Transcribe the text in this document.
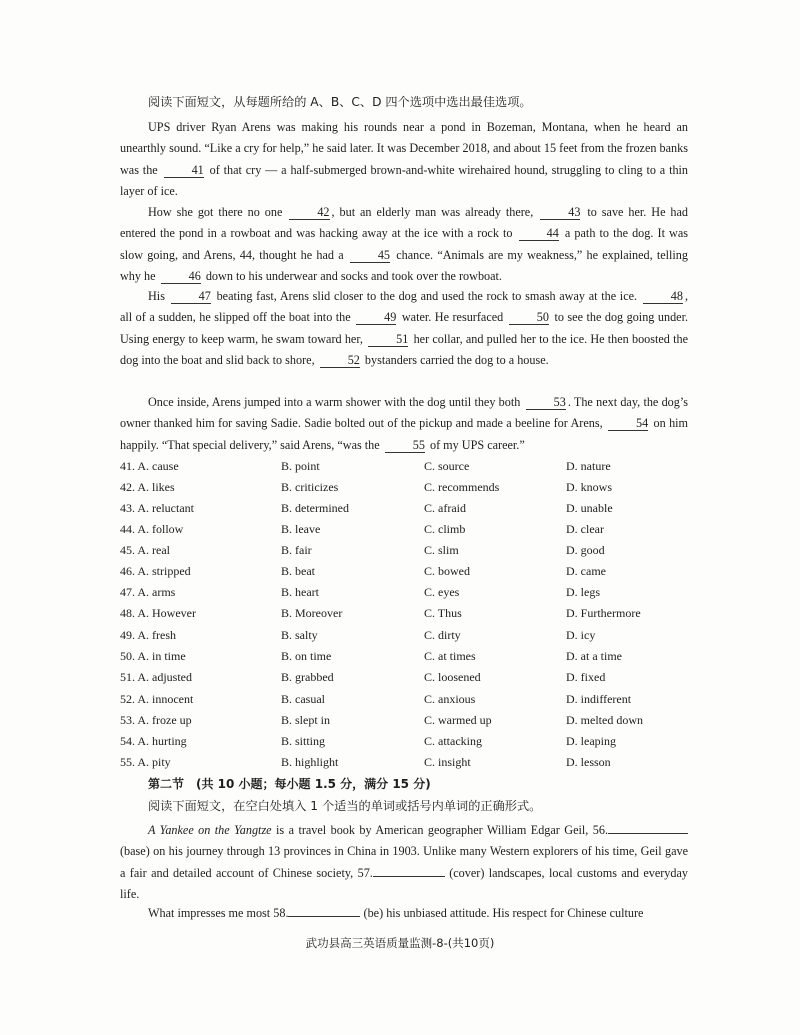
阅读下面短文，从每题所给的 A、B、C、D 四个选项中选出最佳选项。
UPS driver Ryan Arens was making his rounds near a pond in Bozeman, Montana, when he heard an unearthly sound. “Like a cry for help,” he said later. It was December 2018, and about 15 feet from the frozen banks was the	41 of that cry — a half-submerged brown-and-white wirehaired hound, struggling to cling to a thin layer of ice.
How she got there no one	42 , but an elderly man was already there,	43 to save her. He had entered the pond in a rowboat and was hacking away at the ice with a rock to	44 a path to the dog. It was slow going, and Arens, 44, thought he had a	45 chance. “Animals are my weakness,” he explained, telling why he	46 down to his underwear and socks and took over the rowboat.
His	47 beating fast, Arens slid closer to the dog and used the rock to smash away at the ice.	48 , all of a sudden, he slipped off the boat into the	49 water. He resurfaced	50 to see the dog going under. Using energy to keep warm, he swam toward her,	51 her collar, and pulled her to the ice. He then boosted the dog into the boat and slid back to shore,	52 bystanders carried the dog to a house.
Once inside, Arens jumped into a warm shower with the dog until they both	53 . The next day, the dog’s owner thanked him for saving Sadie. Sadie bolted out of the pickup and made a beeline for Arens,	54 on him happily. “That special delivery,” said Arens, “was the	55 of my UPS career.”
41. A. cause	B. point	C. source	D. nature
42. A. likes	B. criticizes	C. recommends	D. knows
43. A. reluctant	B. determined	C. afraid	D. unable
44. A. follow	B. leave	C. climb	D. clear
45. A. real	B. fair	C. slim	D. good
46. A. stripped	B. beat	C. bowed	D. came
47. A. arms	B. heart	C. eyes	D. legs
48. A. However	B. Moreover	C. Thus	D. Furthermore
49. A. fresh	B. salty	C. dirty	D. icy
50. A. in time	B. on time	C. at times	D. at a time
51. A. adjusted	B. grabbed	C. loosened	D. fixed
52. A. innocent	B. casual	C. anxious	D. indifferent
53. A. froze up	B. slept in	C. warmed up	D. melted down
54. A. hurting	B. sitting	C. attacking	D. leaping
55. A. pity	B. highlight	C. insight	D. lesson
第二节　(共 10 小题；每小题 1.5 分，满分 15 分)
阅读下面短文，在空白处填入 1 个适当的单词或括号内单词的正确形式。
A Yankee on the Yangtze is a travel book by American geographer William Edgar Geil, 56. (base) on his journey through 13 provinces in China in 1903. Unlike many Western explorers of his time, Geil gave a fair and detailed account of Chinese society, 57.	(cover) landscapes, local customs and everyday life.
What impresses me most 58.	(be) his unbiased attitude. His respect for Chinese culture
武功县高三英语质量监测-8-(共10页)
